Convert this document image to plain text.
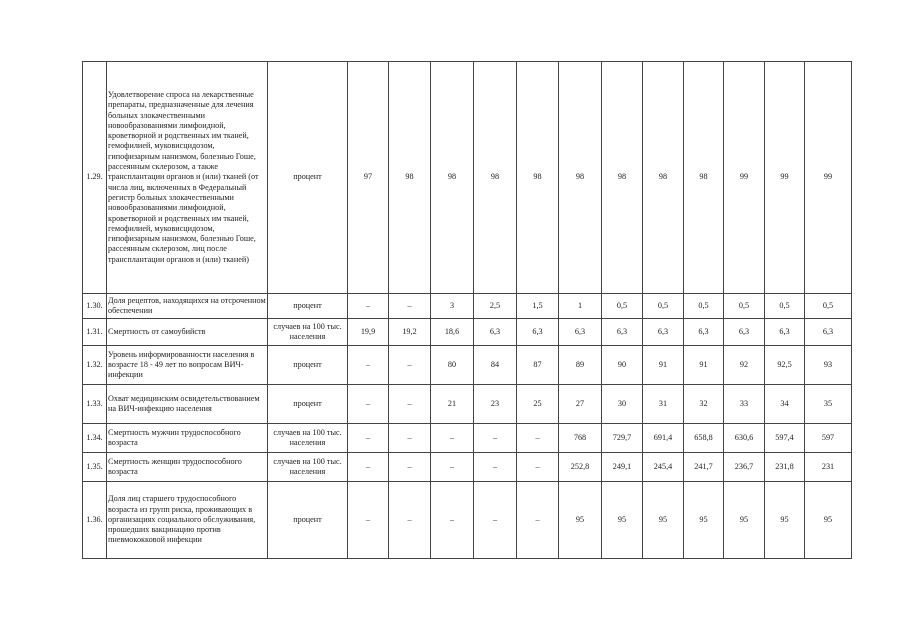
1.29.	Удовлетворение спроса на лекарственные препараты, предназначенные для лечения больных злокачественными новообразованиями лимфоидной, кроветворной и родственных им тканей, гемофилией, муковисцидозом, гипофизарным нанизмом, болезнью Гоше, рассеянным склерозом, а также трансплантации органов и (или) тканей (от числа лиц, включенных в Федеральный регистр больных злокачественными новообразованиями лимфоидной, кроветворной и родственных им тканей, гемофилией, муковисцидозом, гипофизарным нанизмом, болезнью Гоше, рассеянным склерозом, лиц после трансплантации органов и (или) тканей)	процент	97	98	98	98	98	98	98	98	98	99	99	99
1.30.	Доля рецептов, находящихся на отсроченном обеспечении	процент	–	–	3	2,5	1,5	1	0,5	0,5	0,5	0,5	0,5	0,5
1.31.	Смертность от самоубийств	случаев на 100 тыс. населения	19,9	19,2	18,6	6,3	6,3	6,3	6,3	6,3	6,3	6,3	6,3	6,3
1.32.	Уровень информированности населения в возрасте 18 - 49 лет по вопросам ВИЧ-инфекции	процент	–	–	80	84	87	89	90	91	91	92	92,5	93
1.33.	Охват медицинским освидетельствованием на ВИЧ-инфекцию населения	процент	–	–	21	23	25	27	30	31	32	33	34	35
1.34.	Смертность мужчин трудоспособного возраста	случаев на 100 тыс. населения	–	–	–	–	–	768	729,7	691,4	658,8	630,6	597,4	597
1.35.	Смертность женщин трудоспособного возраста	случаев на 100 тыс. населения	–	–	–	–	–	252,8	249,1	245,4	241,7	236,7	231,8	231
1.36.	Доля лиц старшего трудоспособного возраста из групп риска, проживающих в организациях социального обслуживания, прошедших вакцинацию против пневмококковой инфекции	процент	–	–	–	–	–	95	95	95	95	95	95	95
